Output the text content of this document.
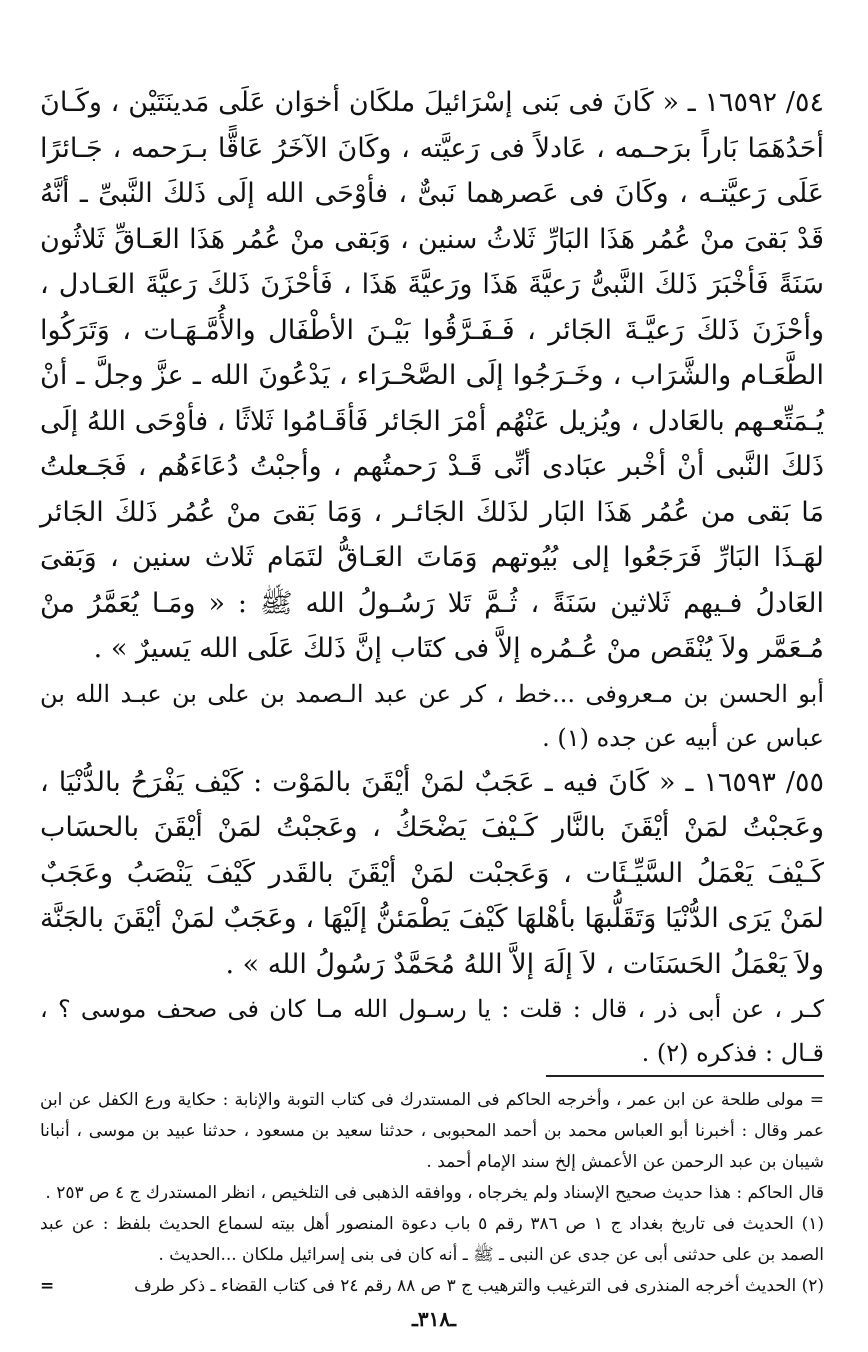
٥٤/ ١٦٥٩٢ ـ « كَانَ فى بَنى إسْرَائيلَ ملكَان أخوَان عَلَى مَدينَتَيْن ، وكَـانَ أحَدُهَمَا بَاراً برَحـمه ، عَادلاً فى رَعيَّته ، وكَانَ الآخَرُ عَاقًّا بـرَحمه ، جَـائرًا عَلَى رَعيَّتـه ، وكَانَ فى عَصرهما نَبىٌّ ، فأوْحَى الله إلَى ذَلكَ النَّبىِّ ـ أنَّهُ قَدْ بَقىَ منْ عُمُر هَذَا البَارِّ ثَلاثُ سنين ، وَبَقى منْ عُمُر هَذَا العَـاقِّ ثَلاثُون سَنَةً فَأخْبَرَ ذَلكَ النَّبىُّ رَعيَّةَ هَذَا ورَعيَّةَ هَذَا ، فَأحْزَنَ ذَلكَ رَعيَّةَ العَـادل ، وأحْزَنَ ذَلكَ رَعيَّـةَ الجَائر ، فَـفَـرَّقُوا بَيْـنَ الأطْفَال والأُمَّـهَـات ، وَتَرَكُوا الطَّعَـام والشَّرَاب ، وخَـرَجُوا إلَى الصَّحْـرَاء ، يَدْعُونَ الله ـ عزَّ وجلَّ ـ أنْ يُـمَتِّعـهم بالعَادل ، ويُزيل عَنْهُم أمْرَ الجَائر فَأقَـامُوا ثَلاثًا ، فأوْحَى اللهُ إلَى ذَلكَ النَّبى أنْ أخْبر عبَادى أنِّى قَـدْ رَحمتُهم ، وأجبْتُ دُعَاءَهُم ، فَجَـعلتُ مَا بَقى من عُمُر هَذَا البَار لذَلكَ الجَائـر ، وَمَا بَقىَ منْ عُمُر ذَلكَ الجَائر لهَـذَا البَارِّ فَرَجَعُوا إلى بُيُوتهم وَمَاتَ العَـاقُّ لتَمَام ثَلاث سنين ، وَبَقىَ العَادلُ فـيهم ثَلاثين سَنَةً ، ثُـمَّ تَلا رَسُـولُ الله ﷺ : « ومَـا يُعَمَّرُ منْ مُـعَمَّر ولاَ يُنْقَص منْ عُـمُره إلاَّ فى كتَاب إنَّ ذَلكَ عَلَى الله يَسيرٌ » .

أبو الحسن بن مـعروفى ...خط ، كر عن عبد الـصمد بن على بن عبـد الله بن عباس عن أبيه عن جده (١) .

٥٥/ ١٦٥٩٣ ـ « كَانَ فيه ـ عَجَبٌ لمَنْ أيْقَنَ بالمَوْت : كَيْف يَفْرَحُ بالدُّنْيَا ، وعَجبْتُ لمَنْ أيْقَنَ بالنَّار كَـيْفَ يَضْحَكُ ، وعَجبْتُ لمَنْ أيْقَنَ بالحسَاب كَـيْفَ يَعْمَلُ السَّيِّـئَات ، وَعَجبْت لمَنْ أيْقَنَ بالقَدر كَيْفَ يَنْصَبُ وعَجَبٌ لمَنْ يَرَى الدُّنْيَا وَتَقَلُّبهَا بأهْلهَا كَيْفَ يَطْمَئنُّ إلَيْهَا ، وعَجَبٌ لمَنْ أيْقَنَ بالجَنَّة ولاَ يَعْمَلُ الحَسَنَات ، لاَ إلَهَ إلاَّ اللهُ مُحَمَّدٌ رَسُولُ الله » .

كـر ، عن أبى ذر ، قال : قلت : يا رسـول الله مـا كان فى صحف موسى ؟ ، قـال : فذكره (٢) .

= مولى طلحة عن ابن عمر ، وأخرجه الحاكم فى المستدرك فى كتاب التوبة والإنابة : حكاية ورع الكفل عن ابن عمر وقال : أخبرنا أبو العباس محمد بن أحمد المحبوبى ، حدثنا سعيد بن مسعود ، حدثنا عبيد بن موسى ، أنبانا شيبان بن عبد الرحمن عن الأعمش إلخ سند الإمام أحمد .

قال الحاكم : هذا حديث صحيح الإسناد ولم يخرجاه ، ووافقه الذهبى فى التلخيص ، انظر المستدرك ج ٤ ص ٢٥٣ .

(١) الحديث فى تاريخ بغداد ج ١ ص ٣٨٦ رقم ٥ باب دعوة المنصور أهل بيته لسماع الحديث بلفظ : عن عبد الصمد بن على حدثنى أبى عن جدى عن النبى ـ ﷺ ـ أنه كان فى بنى إسرائيل ملكان ...الحديث .

=	(٢) الحديث أخرجه المنذرى فى الترغيب والترهيب ج ٣ ص ٨٨ رقم ٢٤ فى كتاب القضاء ـ ذكر طرف

ـ٣١٨ـ
